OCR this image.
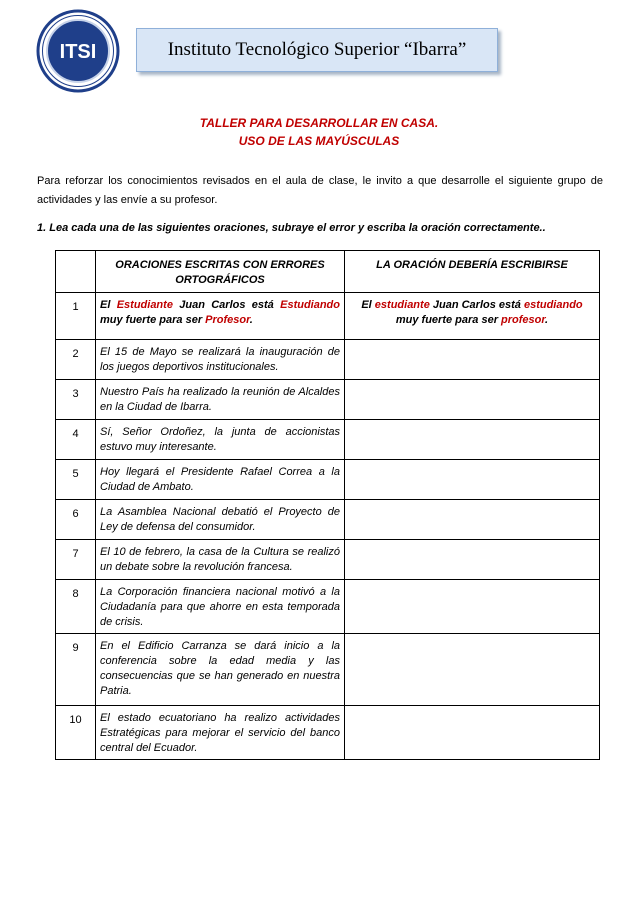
ITSI	Instituto Tecnológico Superior “Ibarra”
TALLER PARA DESARROLLAR EN CASA.
USO DE LAS MAYÚSCULAS
Para reforzar los conocimientos revisados en el aula de clase, le invito a que desarrolle el siguiente grupo de actividades y las envíe a su profesor.
1. Lea cada una de las siguientes oraciones, subraye el error y escriba la oración correctamente..
	ORACIONES ESCRITAS CON ERRORES ORTOGRÁFICOS	LA ORACIÓN DEBERÍA ESCRIBIRSE
1	El Estudiante Juan Carlos está Estudiando muy fuerte para ser Profesor.	El estudiante Juan Carlos está estudiando muy fuerte para ser profesor.
2	El 15 de Mayo se realizará la inauguración de los juegos deportivos institucionales.	
3	Nuestro País ha realizado la reunión de Alcaldes en la Ciudad de Ibarra.	
4	Sí, Señor Ordoñez, la junta de accionistas estuvo muy interesante.	
5	Hoy llegará el Presidente Rafael Correa a la Ciudad de Ambato.	
6	La Asamblea Nacional debatió el Proyecto de Ley de defensa del consumidor.	
7	El 10 de febrero, la casa de la Cultura se realizó un debate sobre la revolución francesa.	
8	La Corporación financiera nacional motivó a la Ciudadanía para que ahorre en esta temporada de crisis.	
9	En el Edificio Carranza se dará inicio a la conferencia sobre la edad media y las consecuencias que se han generado en nuestra Patria.	
10	El estado ecuatoriano ha realizo actividades Estratégicas para mejorar el servicio del banco central del Ecuador.	
